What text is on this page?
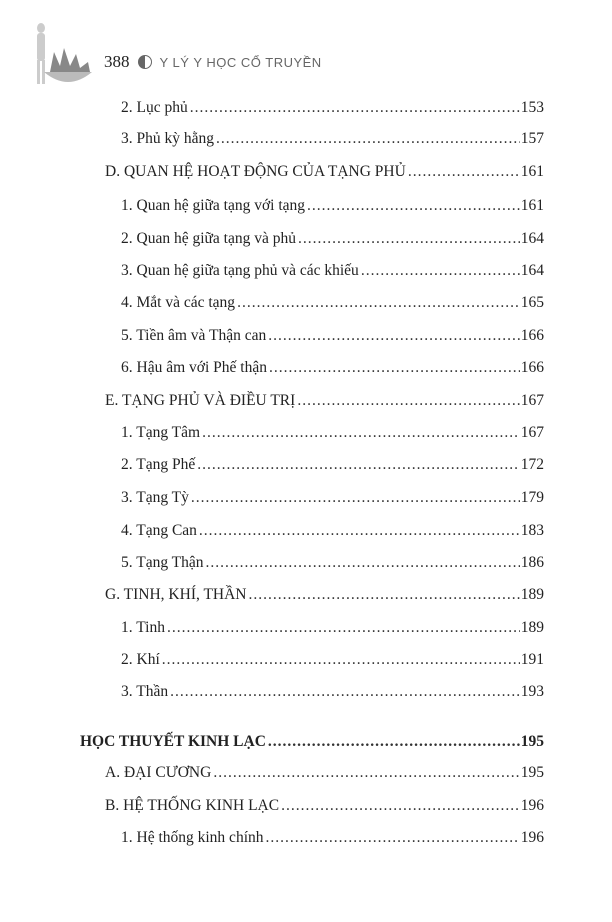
388 Y LÝ Y HỌC CỔ TRUYỀN
2. Lục phủ .....	153
3. Phủ kỳ hằng .....	157
D. QUAN HỆ HOẠT ĐỘNG CỦA TẠNG PHỦ .....	161
1. Quan hệ giữa tạng với tạng .....	161
2. Quan hệ giữa tạng và phủ .....	164
3. Quan hệ giữa tạng phủ và các khiếu .....	164
4. Mắt và các tạng .....	165
5. Tiền âm và Thận can .....	166
6. Hậu âm với Phế thận .....	166
E. TẠNG PHỦ VÀ ĐIỀU TRỊ .....	167
1. Tạng Tâm .....	167
2. Tạng Phế .....	172
3. Tạng Tỳ .....	179
4. Tạng Can .....	183
5. Tạng Thận .....	186
G. TINH, KHÍ, THẦN .....	189
1. Tinh .....	189
2. Khí .....	191
3. Thần .....	193
HỌC THUYẾT KINH LẠC .....	195
A. ĐẠI CƯƠNG .....	195
B. HỆ THỐNG KINH LẠC .....	196
1. Hệ thống kinh chính .....	196
